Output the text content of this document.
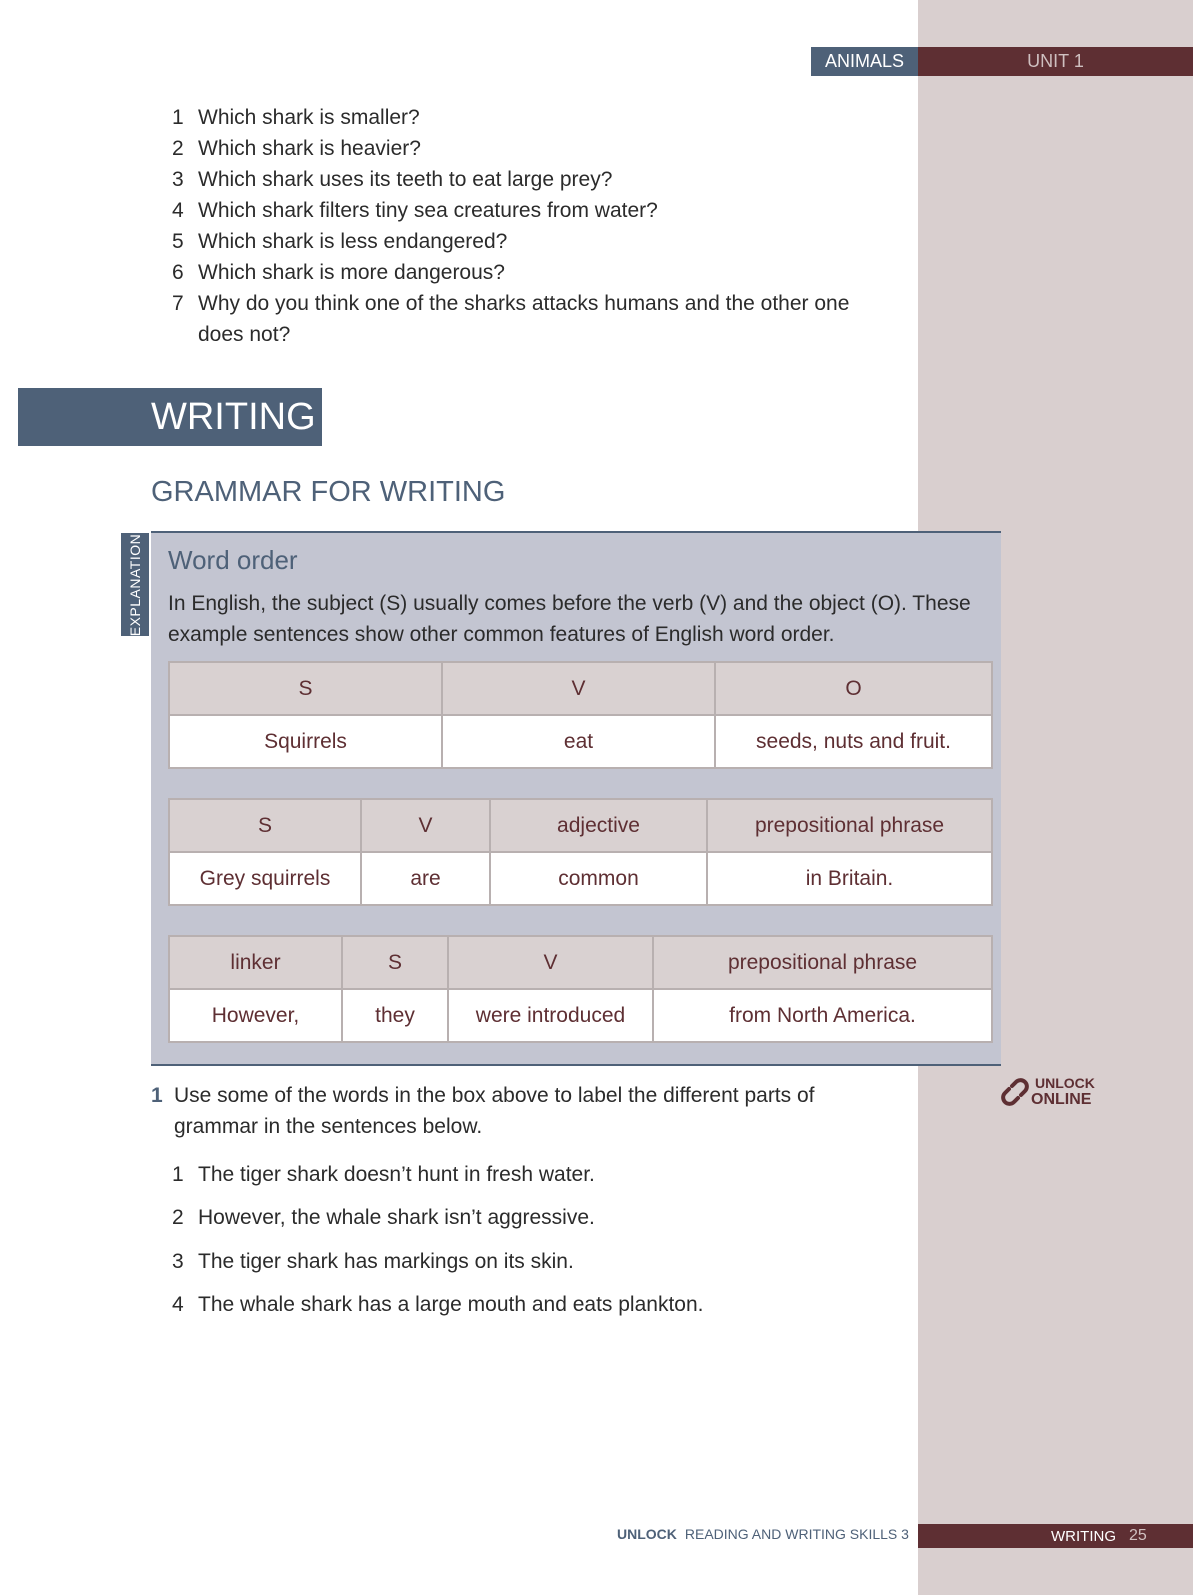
ANIMALS	UNIT 1
1 Which shark is smaller?
2 Which shark is heavier?
3 Which shark uses its teeth to eat large prey?
4 Which shark filters tiny sea creatures from water?
5 Which shark is less endangered?
6 Which shark is more dangerous?
7 Why do you think one of the sharks attacks humans and the other one does not?
WRITING
GRAMMAR FOR WRITING
EXPLANATION Word order

In English, the subject (S) usually comes before the verb (V) and the object (O). These example sentences show other common features of English word order.

S	V	O
Squirrels	eat	seeds, nuts and fruit.
S	V	adjective	prepositional phrase
Grey squirrels	are	common	in Britain.
linker	S	V	prepositional phrase
However,	they	were introduced	from North America.
1 Use some of the words in the box above to label the different parts of grammar in the sentences below.
1 The tiger shark doesn’t hunt in fresh water.
2 However, the whale shark isn’t aggressive.
3 The tiger shark has markings on its skin.
4 The whale shark has a large mouth and eats plankton.
UNLOCK
ONLINE
UNLOCK READING AND WRITING SKILLS 3	WRITING 25
